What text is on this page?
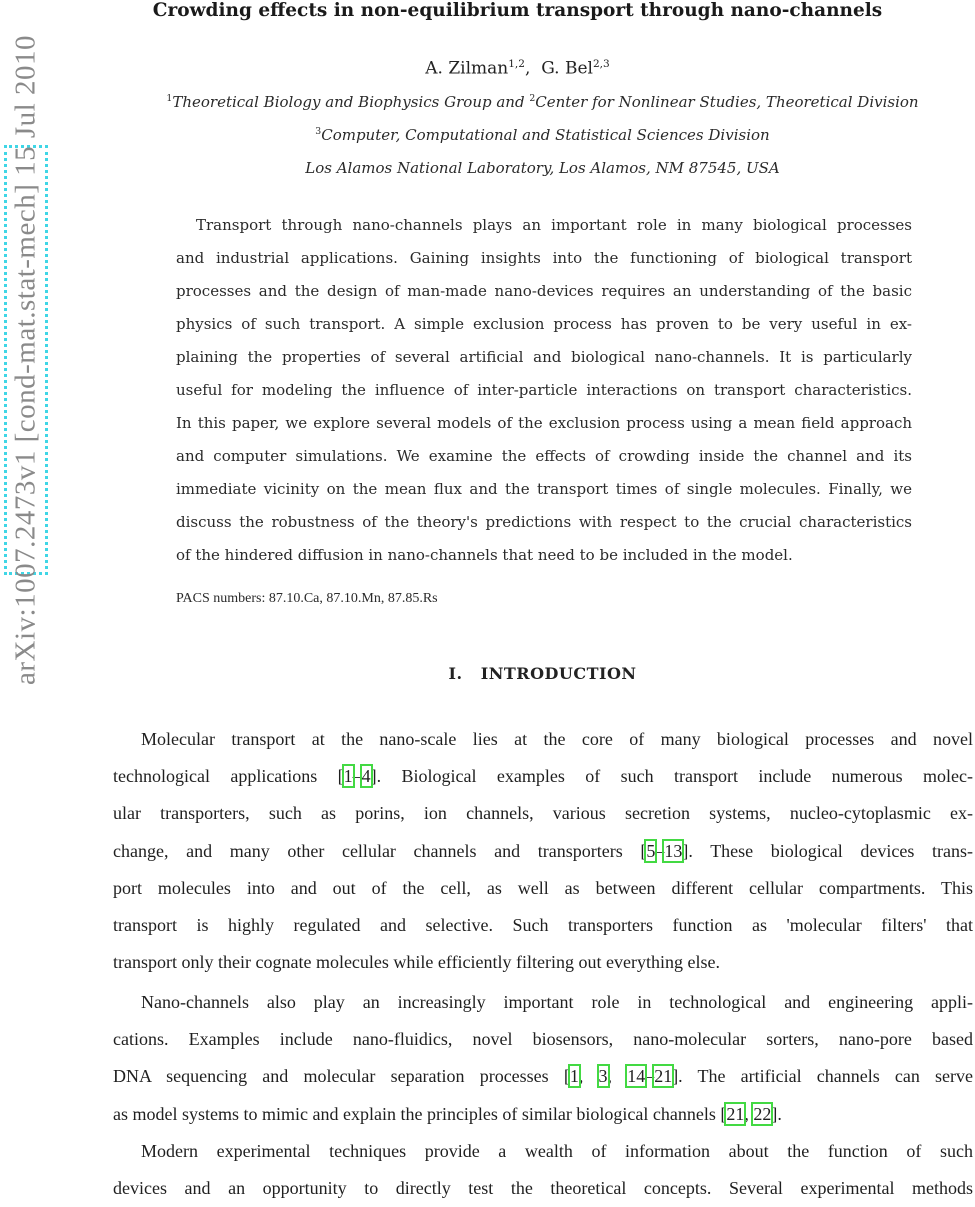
arXiv:1007.2473v1 [cond-mat.stat-mech] 15 Jul 2010
Crowding effects in non-equilibrium transport through nano-channels
A. Zilman$^{1,2}$,  G. Bel$^{2,3}$
$^1$Theoretical Biology and Biophysics Group and $^2$Center for Nonlinear Studies, Theoretical Division
$^3$Computer, Computational and Statistical Sciences Division
Los Alamos National Laboratory, Los Alamos, NM 87545, USA
Transport through nano-channels plays an important role in many biological processes
and industrial applications. Gaining insights into the functioning of biological transport
processes and the design of man-made nano-devices requires an understanding of the basic
physics of such transport. A simple exclusion process has proven to be very useful in ex-
plaining the properties of several artificial and biological nano-channels. It is particularly
useful for modeling the influence of inter-particle interactions on transport characteristics.
In this paper, we explore several models of the exclusion process using a mean field approach
and computer simulations. We examine the effects of crowding inside the channel and its
immediate vicinity on the mean flux and the transport times of single molecules. Finally, we
discuss the robustness of the theory's predictions with respect to the crucial characteristics
of the hindered diffusion in nano-channels that need to be included in the model.
PACS numbers: 87.10.Ca, 87.10.Mn, 87.85.Rs
I. INTRODUCTION
Molecular transport at the nano-scale lies at the core of many biological processes and novel
technological applications [1–4]. Biological examples of such transport include numerous molec-
ular transporters, such as porins, ion channels, various secretion systems, nucleo-cytoplasmic ex-
change, and many other cellular channels and transporters [5–13]. These biological devices trans-
port molecules into and out of the cell, as well as between different cellular compartments. This
transport is highly regulated and selective. Such transporters function as 'molecular filters' that
transport only their cognate molecules while efficiently filtering out everything else.
Nano-channels also play an increasingly important role in technological and engineering appli-
cations. Examples include nano-fluidics, novel biosensors, nano-molecular sorters, nano-pore based
DNA sequencing and molecular separation processes [1, 3, 14–21]. The artificial channels can serve
as model systems to mimic and explain the principles of similar biological channels [21, 22].
Modern experimental techniques provide a wealth of information about the function of such
devices and an opportunity to directly test the theoretical concepts. Several experimental methods
